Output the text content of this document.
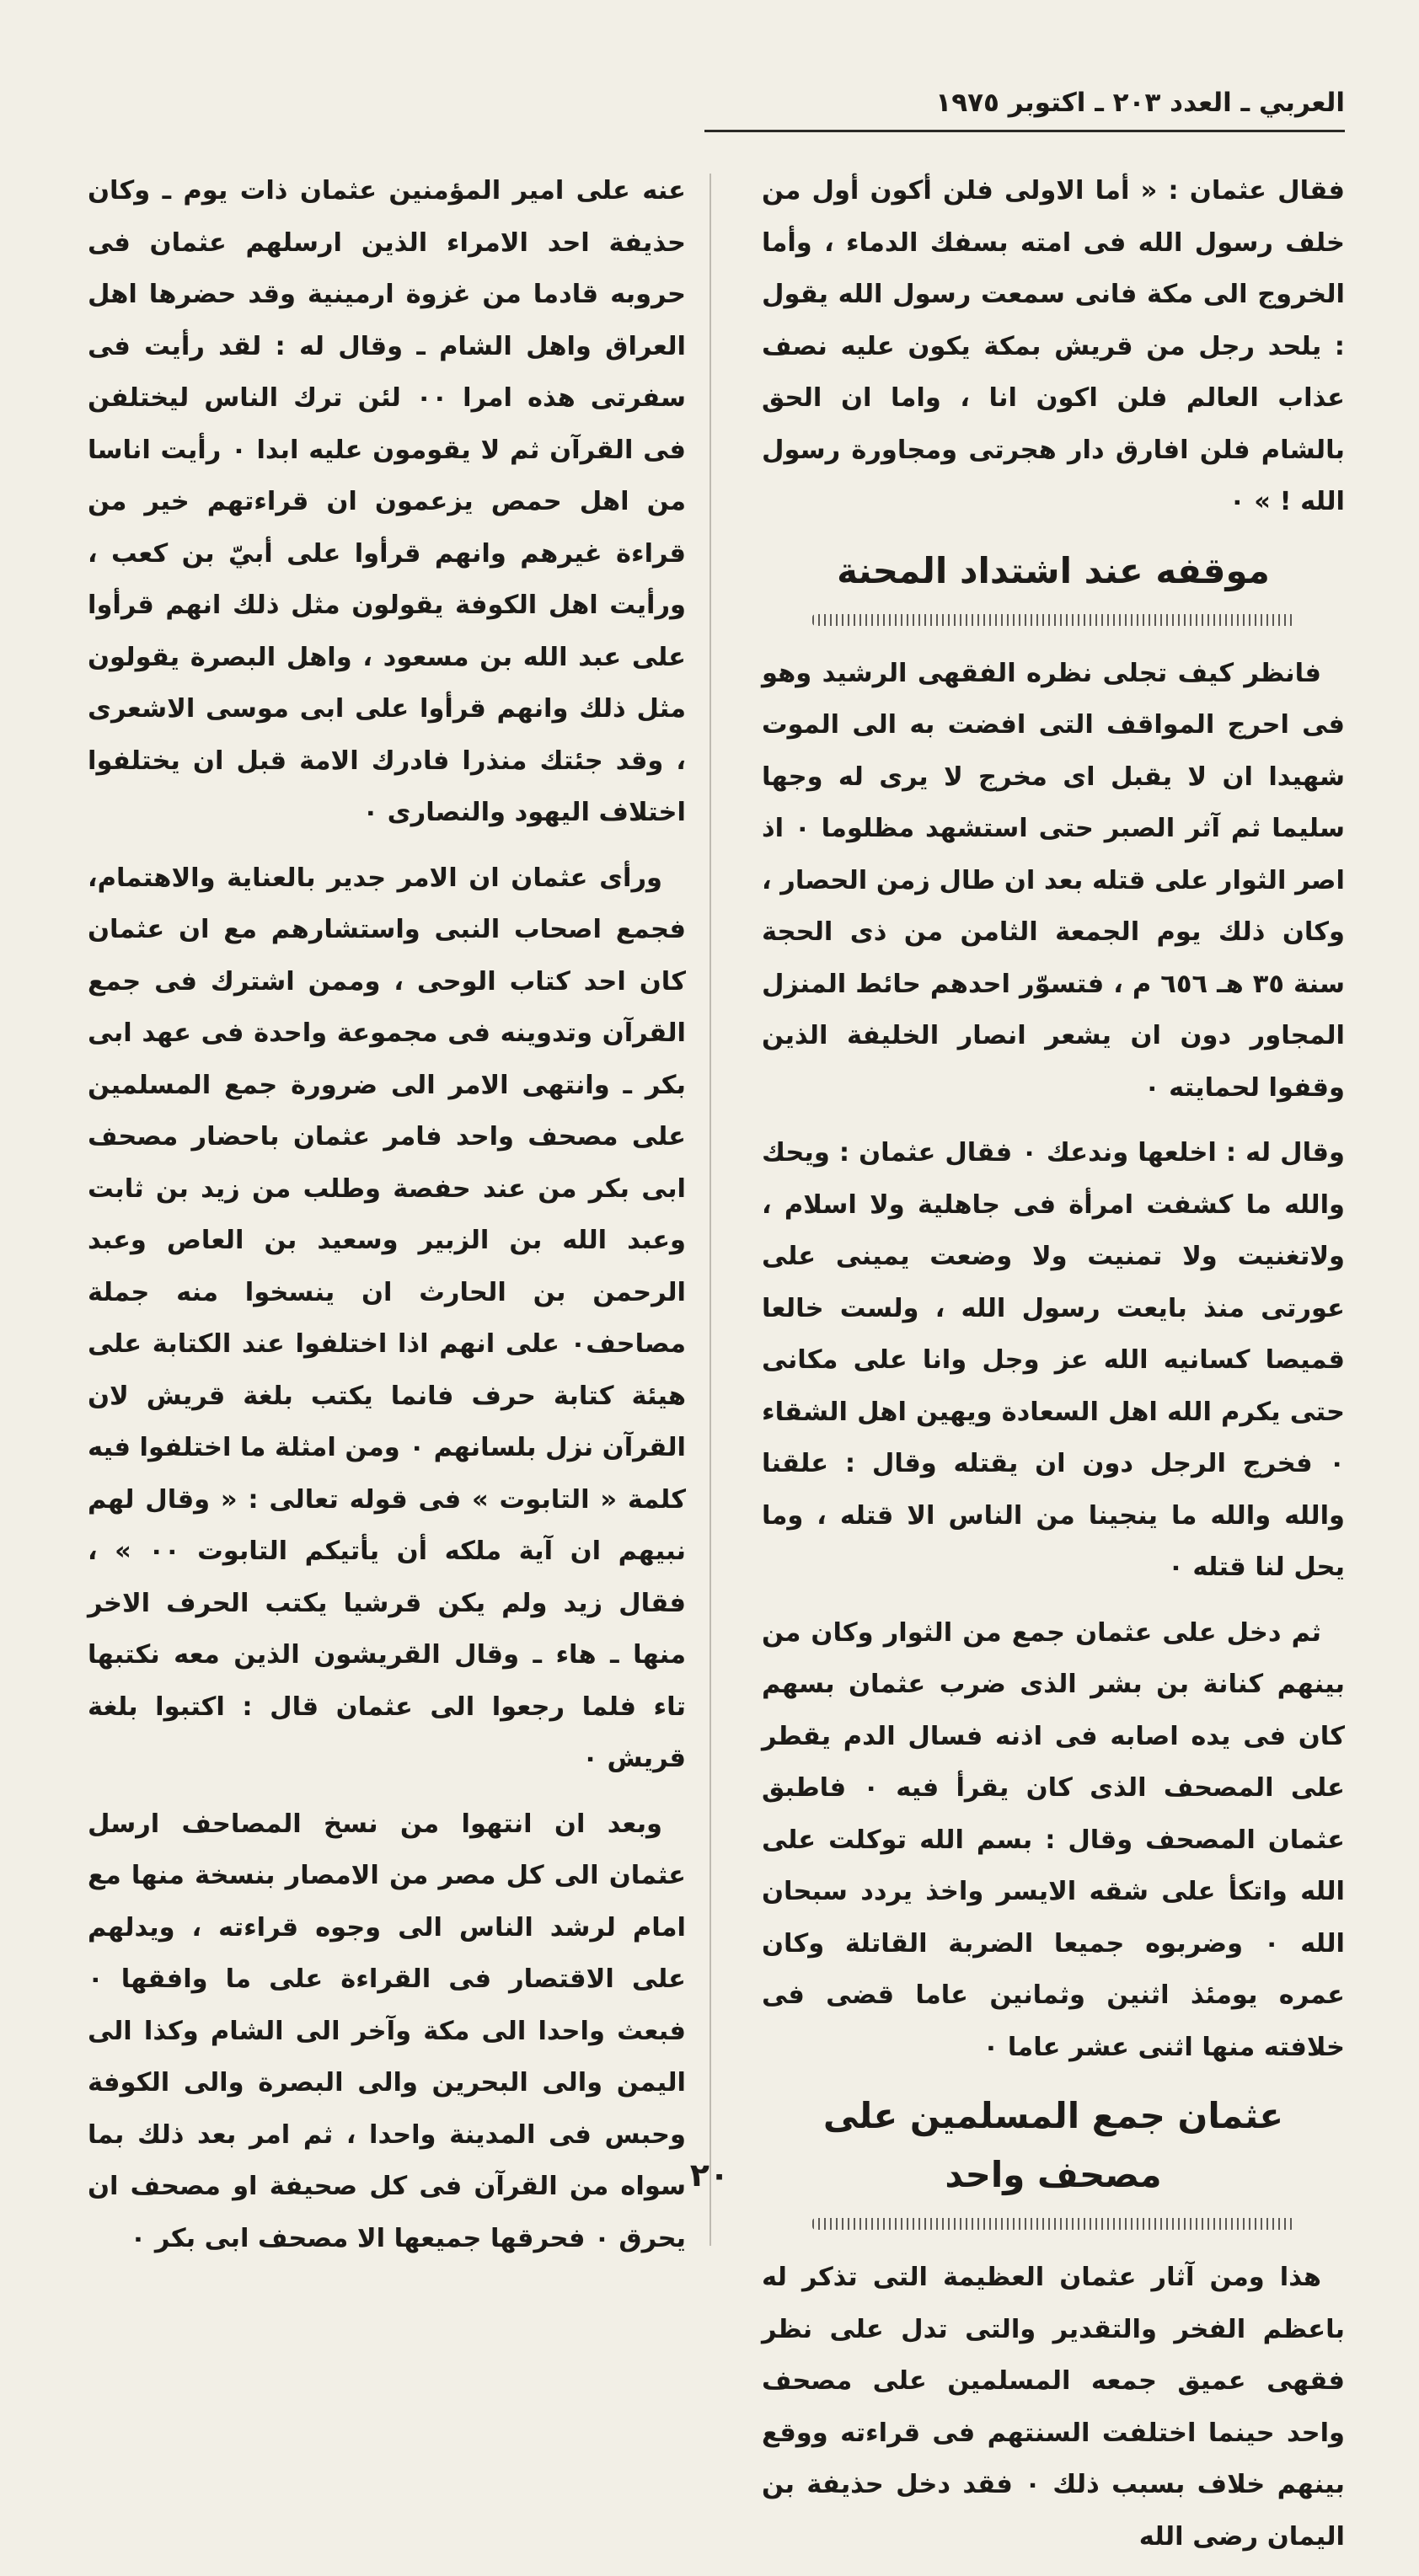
العربي ـ العدد ٢٠٣ ـ اكتوبر ١٩٧٥

فقال عثمان : « أما الاولى فلن أكون أول من خلف رسول الله فى امته بسفك الدماء ، وأما الخروج الى مكة فانى سمعت رسول الله يقول : يلحد رجل من قريش بمكة يكون عليه نصف عذاب العالم فلن اكون انا ، واما ان الحق بالشام فلن افارق دار هجرتى ومجاورة رسول الله ! » ٠

موقفه عند اشتداد المحنة

فانظر كيف تجلى نظره الفقهى الرشيد وهو فى احرج المواقف التى افضت به الى الموت شهيدا ان لا يقبل اى مخرج لا يرى له وجها سليما ثم آثر الصبر حتى استشهد مظلوما ٠ اذ اصر الثوار على قتله بعد ان طال زمن الحصار ، وكان ذلك يوم الجمعة الثامن من ذى الحجة سنة ٣٥ هـ ٦٥٦ م ، فتسوّر احدهم حائط المنزل المجاور دون ان يشعر انصار الخليفة الذين وقفوا لحمايته ٠

وقال له : اخلعها وندعك ٠ فقال عثمان : ويحك والله ما كشفت امرأة فى جاهلية ولا اسلام ، ولاتغنيت ولا تمنيت ولا وضعت يمينى على عورتى منذ بايعت رسول الله ، ولست خالعا قميصا كسانيه الله عز وجل وانا على مكانى حتى يكرم الله اهل السعادة ويهين اهل الشقاء ٠ فخرج الرجل دون ان يقتله وقال : علقنا والله والله ما ينجينا من الناس الا قتله ، وما يحل لنا قتله ٠

ثم دخل على عثمان جمع من الثوار وكان من بينهم كنانة بن بشر الذى ضرب عثمان بسهم كان فى يده اصابه فى اذنه فسال الدم يقطر على المصحف الذى كان يقرأ فيه ٠ فاطبق عثمان المصحف وقال : بسم الله توكلت على الله واتكأ على شقه الايسر واخذ يردد سبحان الله ٠ وضربوه جميعا الضربة القاتلة وكان عمره يومئذ اثنين وثمانين عاما قضى فى خلافته منها اثنى عشر عاما ٠

عثمان جمع المسلمين على مصحف واحد

هذا ومن آثار عثمان العظيمة التى تذكر له باعظم الفخر والتقدير والتى تدل على نظر فقهى عميق جمعه المسلمين على مصحف واحد حينما اختلفت السنتهم فى قراءته ووقع بينهم خلاف بسبب ذلك ٠ فقد دخل حذيفة بن اليمان رضى الله

عنه على امير المؤمنين عثمان ذات يوم ـ وكان حذيفة احد الامراء الذين ارسلهم عثمان فى حروبه قادما من غزوة ارمينية وقد حضرها اهل العراق واهل الشام ـ وقال له : لقد رأيت فى سفرتى هذه امرا ٠٠ لئن ترك الناس ليختلفن فى القرآن ثم لا يقومون عليه ابدا ٠ رأيت اناسا من اهل حمص يزعمون ان قراءتهم خير من قراءة غيرهم وانهم قرأوا على أبيّ بن كعب ، ورأيت اهل الكوفة يقولون مثل ذلك انهم قرأوا على عبد الله بن مسعود ، واهل البصرة يقولون مثل ذلك وانهم قرأوا على ابى موسى الاشعرى ، وقد جئتك منذرا فادرك الامة قبل ان يختلفوا اختلاف اليهود والنصارى ٠

ورأى عثمان ان الامر جدير بالعناية والاهتمام، فجمع اصحاب النبى واستشارهم مع ان عثمان كان احد كتاب الوحى ، وممن اشترك فى جمع القرآن وتدوينه فى مجموعة واحدة فى عهد ابى بكر ـ وانتهى الامر الى ضرورة جمع المسلمين على مصحف واحد فامر عثمان باحضار مصحف ابى بكر من عند حفصة وطلب من زيد بن ثابت وعبد الله بن الزبير وسعيد بن العاص وعبد الرحمن بن الحارث ان ينسخوا منه جملة مصاحف٠ على انهم اذا اختلفوا عند الكتابة على هيئة كتابة حرف فانما يكتب بلغة قريش لان القرآن نزل بلسانهم ٠ ومن امثلة ما اختلفوا فيه كلمة « التابوت » فى قوله تعالى : « وقال لهم نبيهم ان آية ملكه أن يأتيكم التابوت ٠٠ » ، فقال زيد ولم يكن قرشيا يكتب الحرف الاخر منها ـ هاء ـ وقال القريشون الذين معه نكتبها تاء فلما رجعوا الى عثمان قال : اكتبوا بلغة قريش ٠

وبعد ان انتهوا من نسخ المصاحف ارسل عثمان الى كل مصر من الامصار بنسخة منها مع امام لرشد الناس الى وجوه قراءته ، ويدلهم على الاقتصار فى القراءة على ما وافقها ٠ فبعث واحدا الى مكة وآخر الى الشام وكذا الى اليمن والى البحرين والى البصرة والى الكوفة وحبس فى المدينة واحدا ، ثم امر بعد ذلك بما سواه من القرآن فى كل صحيفة او مصحف ان يحرق ٠ فحرقها جميعها الا مصحف ابى بكر ٠

٢٠
